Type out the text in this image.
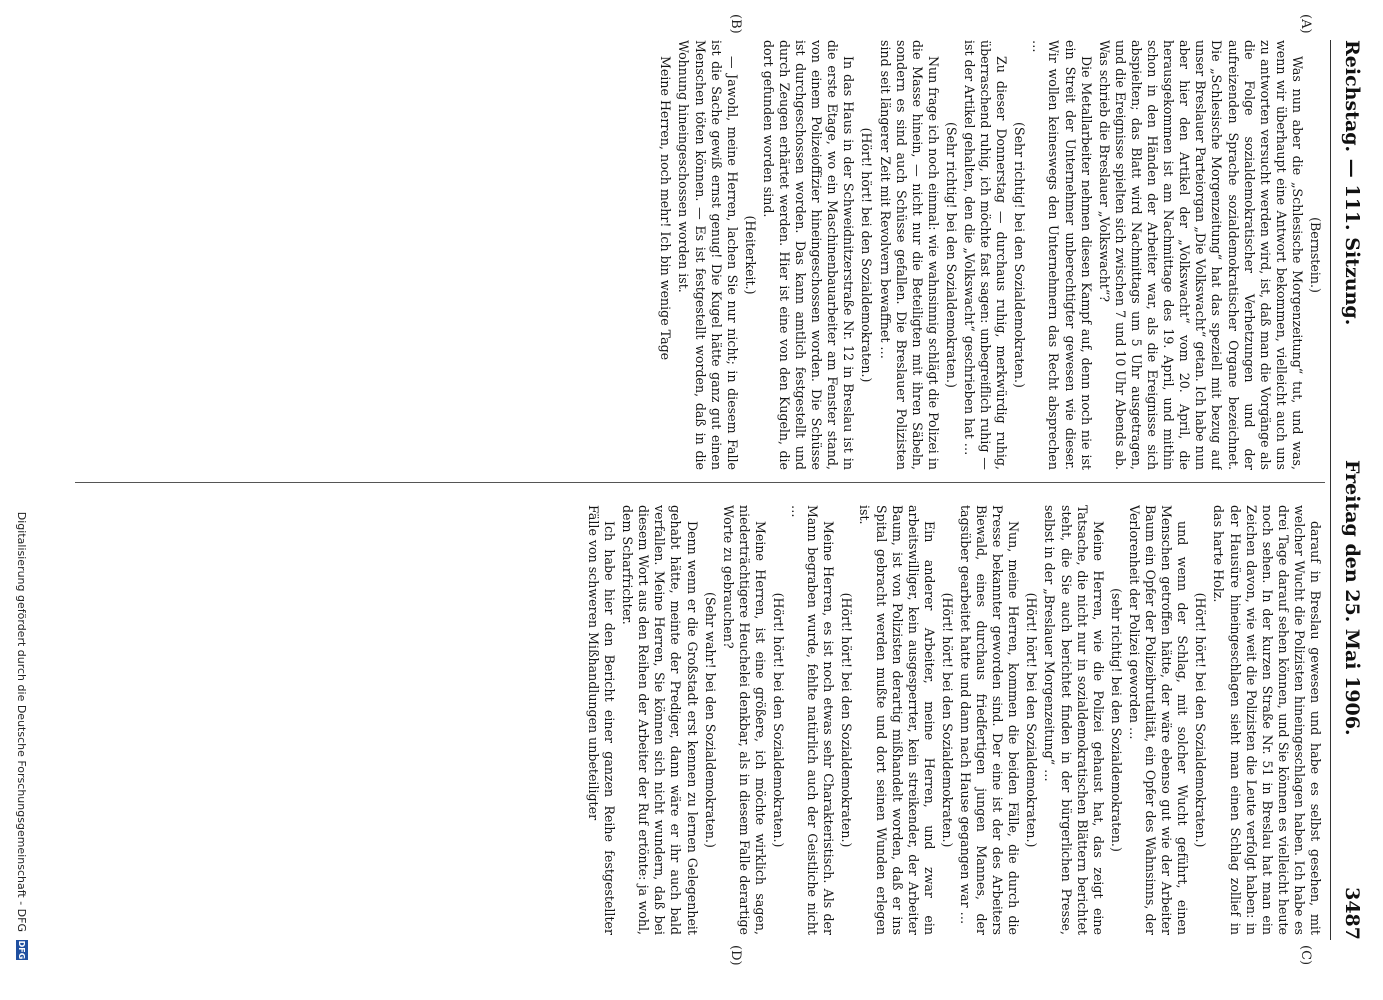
Reichstag. — 111. Sitzung.
Freitag den 25. Mai 1906.
3487
(A)
(B)
(C)
(D)

(Bernstein.)

Was nun aber die „Schlesische Morgenzeitung“ tut, und was, wenn wir überhaupt eine Antwort bekommen, vielleicht auch uns zu antworten versucht werden wird, ist, daß man die Vorgänge als die Folge sozialdemokratischer Verhetzungen und der aufreizenden Sprache sozialdemokratischer Organe bezeichnet. Die „Schlesische Morgenzeitung“ hat das speziell mit bezug auf unser Breslauer Parteiorgan „Die Volkswacht“ getan. Ich habe nun aber hier den Artikel der „Volkswacht“ vom 20. April, die herausgekommen ist am Nachmittage des 19. April, und mithin schon in den Händen der Arbeiter war, als die Ereignisse sich abspielten; das Blatt wird Nachmittags um 5 Uhr ausgetragen, und die Ereignisse spielten sich zwischen 7 und 10 Uhr Abends ab. Was schrieb die Breslauer „Volkswacht“?

Die Metallarbeiter nehmen diesen Kampf auf, denn noch nie ist ein Streit der Unternehmer unberechtigter gewesen wie dieser. Wir wollen keineswegs den Unternehmern das Recht absprechen …

(Sehr richtig! bei den Sozialdemokraten.)

Zu dieser Donnerstag — durchaus ruhig, merkwürdig ruhig, überraschend ruhig, ich möchte fast sagen: unbegreiflich ruhig — ist der Artikel gehalten, den die „Volkswacht“ geschrieben hat …

(Sehr richtig! bei den Sozialdemokraten.)

Nun frage ich noch einmal: wie wahnsinnig schlägt die Polizei in die Masse hinein, — nicht nur die Beteiligten mit ihren Säbeln, sondern es sind auch Schüsse gefallen. Die Breslauer Polizisten sind seit längerer Zeit mit Revolvern bewaffnet …

(Hört! hört! bei den Sozialdemokraten.)

In das Haus in der Schweidnitzerstraße Nr. 12 in Breslau ist in die erste Etage, wo ein Maschinenbauarbeiter am Fenster stand, von einem Polizeioffizier hineingeschossen worden. Die Schüsse ist durchgeschossen worden. Das kann amtlich festgestellt und durch Zeugen erhärtet werden. Hier ist eine von den Kugeln, die dort gefunden worden sind.

(Heiterkeit.)

— Jawohl, meine Herren, lachen Sie nur nicht; in diesem Falle ist die Sache gewiß ernst genug! Die Kugel hätte ganz gut einen Menschen töten können. — Es ist festgestellt worden, daß in die Wohnung hineingeschossen worden ist.

Meine Herren, noch mehr! Ich bin wenige Tage

darauf in Breslau gewesen und habe es selbst gesehen, mit welcher Wucht die Polizisten hineingeschlagen haben. Ich habe es drei Tage darauf sehen können, und Sie können es vielleicht heute noch sehen. In der kurzen Straße Nr. 51 in Breslau hat man ein Zeichen davon, wie weit die Polizisten die Leute verfolgt haben: in der Hausüre hineingeschlagen sieht man einen Schlag zollief in das harte Holz.

(Hört! hört! bei den Sozialdemokraten.)

und wenn der Schlag, mit solcher Wucht geführt, einen Menschen getroffen hätte, der wäre ebenso gut wie der Arbeiter Baum ein Opfer der Polizeibrutalität, ein Opfer des Wahnsinns, der Verlorenheit der Polizei geworden …

(sehr richtig! bei den Sozialdemokraten.)

Meine Herren, wie die Polizei gehaust hat, das zeigt eine Tatsache, die nicht nur in sozialdemokratischen Blättern berichtet steht, die Sie auch berichtet finden in der bürgerlichen Presse, selbst in der „Breslauer Morgenzeitung“ …

(Hört! hört! bei den Sozialdemokraten.)

Nun, meine Herren, kommen die beiden Fälle, die durch die Presse bekannter geworden sind. Der eine ist der des Arbeiters Biewald, eines durchaus friedfertigen jungen Mannes, der tagsüber gearbeitet hatte und dann nach Hause gegangen war …

(Hört! hört! bei den Sozialdemokraten.)

Ein anderer Arbeiter, meine Herren, und zwar ein arbeitswilliger, kein ausgesperrter, kein streikender, der Arbeiter Baum, ist von Polizisten derartig mißhandelt worden, daß er ins Spital gebracht werden mußte und dort seinen Wunden erlegen ist.

(Hört! hört! bei den Sozialdemokraten.)

Meine Herren, es ist noch etwas sehr Charakteristisch. Als der Mann begraben wurde, fehlte natürlich auch der Geistliche nicht …

(Hört! hört! bei den Sozialdemokraten.)

Meine Herren, ist eine größere, ich möchte wirklich sagen, niederträchtigere Heuchelei denkbar, als in diesem Falle derartige Worte zu gebrauchen?

(Sehr wahr! bei den Sozialdemokraten.)

Denn wenn er die Großstadt erst kennen zu lernen Gelegenheit gehabt hätte, meinte der Prediger, dann wäre er ihr auch bald verfallen. Meine Herren, Sie können sich nicht wundern, daß bei diesem Wort aus den Reihen der Arbeiter der Ruf ertönte: ja wohl, dem Scharfrichter.

Ich habe hier den Bericht einer ganzen Reihe festgestellter Fälle von schweren Mißhandlungen unbeteiligter

Digitalisierung gefördert durch die Deutsche Forschungsgemeinschaft - DFG
DFG
